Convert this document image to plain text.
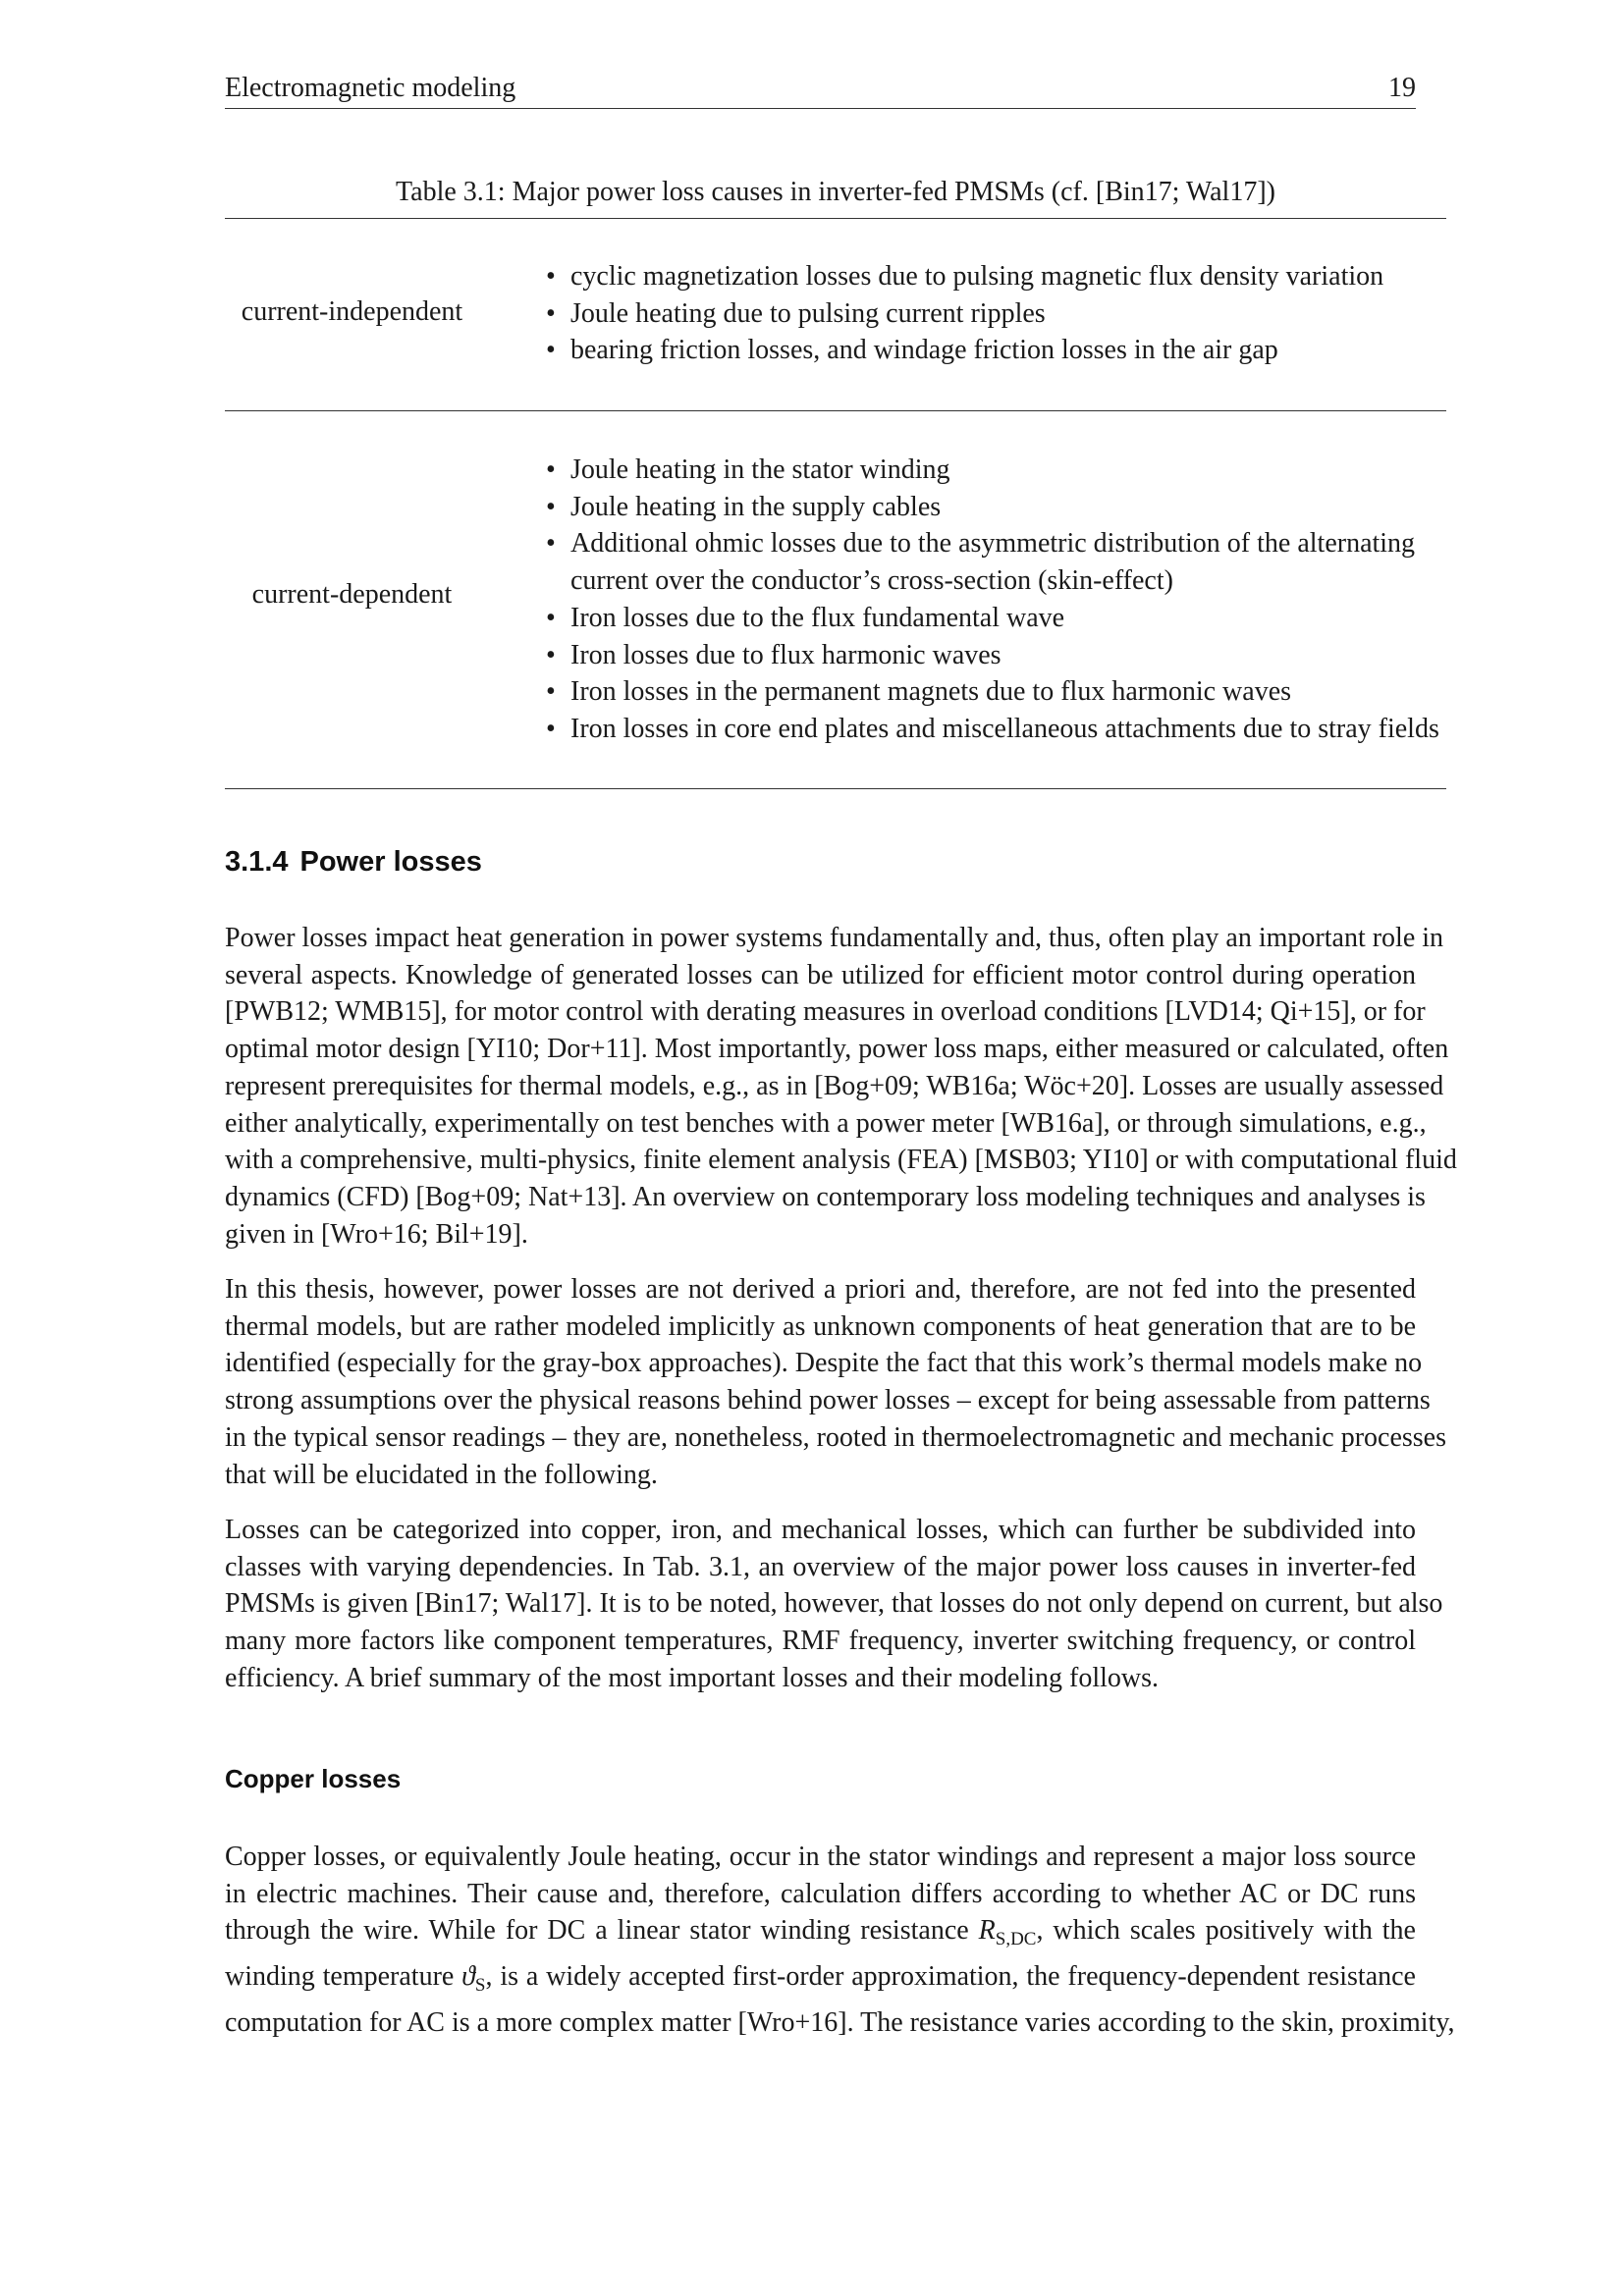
Electromagnetic modeling	19

Table 3.1: Major power loss causes in inverter-fed PMSMs (cf. [Bin17; Wal17])

current-independent
• cyclic magnetization losses due to pulsing magnetic flux density variation
• Joule heating due to pulsing current ripples
• bearing friction losses, and windage friction losses in the air gap
current-dependent
• Joule heating in the stator winding
• Joule heating in the supply cables
• Additional ohmic losses due to the asymmetric distribution of the alternating current over the conductor’s cross-section (skin-effect)
• Iron losses due to the flux fundamental wave
• Iron losses due to flux harmonic waves
• Iron losses in the permanent magnets due to flux harmonic waves
• Iron losses in core end plates and miscellaneous attachments due to stray fields
3.1.4 Power losses

Power losses impact heat generation in power systems fundamentally and, thus, often play an important role in
several aspects. Knowledge of generated losses can be utilized for efficient motor control during operation
[PWB12; WMB15], for motor control with derating measures in overload conditions [LVD14; Qi+15], or for
optimal motor design [YI10; Dor+11]. Most importantly, power loss maps, either measured or calculated, often
represent prerequisites for thermal models, e.g., as in [Bog+09; WB16a; Wöc+20]. Losses are usually assessed
either analytically, experimentally on test benches with a power meter [WB16a], or through simulations, e.g.,
with a comprehensive, multi-physics, finite element analysis (FEA) [MSB03; YI10] or with computational fluid
dynamics (CFD) [Bog+09; Nat+13]. An overview on contemporary loss modeling techniques and analyses is
given in [Wro+16; Bil+19].

In this thesis, however, power losses are not derived a priori and, therefore, are not fed into the presented
thermal models, but are rather modeled implicitly as unknown components of heat generation that are to be
identified (especially for the gray-box approaches). Despite the fact that this work’s thermal models make no
strong assumptions over the physical reasons behind power losses – except for being assessable from patterns
in the typical sensor readings – they are, nonetheless, rooted in thermoelectromagnetic and mechanic processes
that will be elucidated in the following.

Losses can be categorized into copper, iron, and mechanical losses, which can further be subdivided into
classes with varying dependencies. In Tab. 3.1, an overview of the major power loss causes in inverter-fed
PMSMs is given [Bin17; Wal17]. It is to be noted, however, that losses do not only depend on current, but also
many more factors like component temperatures, RMF frequency, inverter switching frequency, or control
efficiency. A brief summary of the most important losses and their modeling follows.

Copper losses

Copper losses, or equivalently Joule heating, occur in the stator windings and represent a major loss source
in electric machines. Their cause and, therefore, calculation differs according to whether AC or DC runs
through the wire. While for DC a linear stator winding resistance $R_{S,DC}$, which scales positively with the
winding temperature $ϑ_S$, is a widely accepted first-order approximation, the frequency-dependent resistance
computation for AC is a more complex matter [Wro+16]. The resistance varies according to the skin, proximity,
